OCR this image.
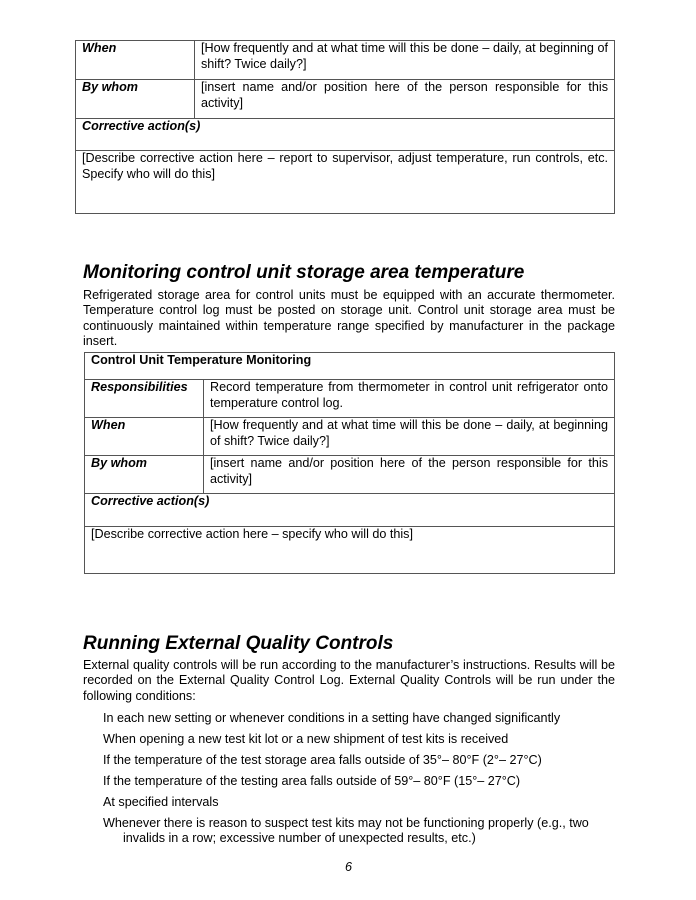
When	[How frequently and at what time will this be done – daily, at beginning of shift? Twice daily?]
By whom	[insert name and/or position here of the person responsible for this activity]
Corrective action(s)	
[Describe corrective action here – report to supervisor, adjust temperature, run controls, etc. Specify who will do this]	
Monitoring control unit storage area temperature

Refrigerated storage area for control units must be equipped with an accurate thermometer. Temperature control log must be posted on storage unit. Control unit storage area must be continuously maintained within temperature range specified by manufacturer in the package insert.

Control Unit Temperature Monitoring	
Responsibilities	Record temperature from thermometer in control unit refrigerator onto temperature control log.
When	[How frequently and at what time will this be done – daily, at beginning of shift? Twice daily?]
By whom	[insert name and/or position here of the person responsible for this activity]
Corrective action(s)	
[Describe corrective action here – specify who will do this]	
Running External Quality Controls

External quality controls will be run according to the manufacturer’s instructions. Results will be recorded on the External Quality Control Log. External Quality Controls will be run under the following conditions:

In each new setting or whenever conditions in a setting have changed significantly
When opening a new test kit lot or a new shipment of test kits is received
If the temperature of the test storage area falls outside of 35°– 80°F (2°– 27°C)
If the temperature of the testing area falls outside of 59°– 80°F (15°– 27°C)
At specified intervals
Whenever there is reason to suspect test kits may not be functioning properly (e.g., two invalids in a row; excessive number of unexpected results, etc.)
6
